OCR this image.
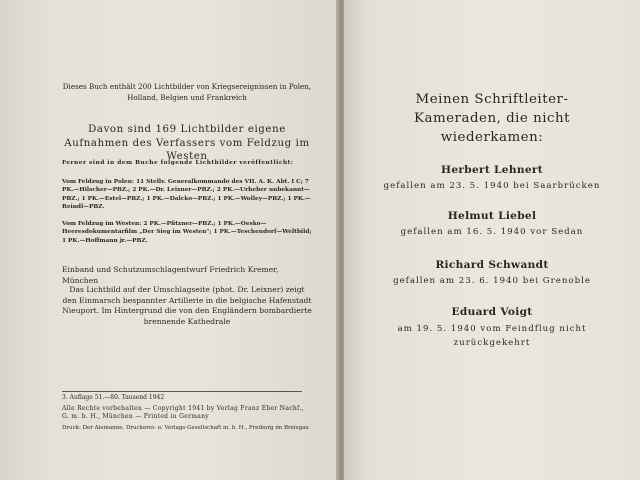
Dieses Buch enthält 200 Lichtbilder von Kriegsereignissen in Polen, Holland, Belgien und Frankreich
Davon sind 169 Lichtbilder eigene Aufnahmen des Verfassers vom Feldzug im Westen
Ferner sind in dem Buche folgende Lichtbilder veröffentlicht:
Vom Feldzug in Polen: 11 Stellv. Generalkommando des VII. A. K. Abt. I C; 7 PK.—Hilscher—PBZ.; 2 PK.—Dr. Leixner—PBZ.; 2 PK.—Urheber unbekannt—PBZ.; 1 PK.—Estel—PBZ.; 1 PK.—Dalcko—PBZ.; 1 PK.—Wolley—PBZ.; 1 PK.—Reindl—PBZ.
Vom Feldzug im Westen: 2 PK.—Pfitzner—PBZ.; 1 PK.—Oesko—Heeresdokumentarfilm „Der Sieg im Westen"; 1 PK.—Teschendorf—Weltbild; 1 PK.—Hoffmann jr.—PBZ.
Einband und Schutzumschlagentwurf Friedrich Kremer, München
Das Lichtbild auf der Umschlagseite (phot. Dr. Leixner) zeigt den Einmarsch bespannter Artillerie in die belgische Hafenstadt Nieuport. Im Hintergrund die von den Engländern bombardierte brennende Kathedrale
3. Auflage 51.—80. Tausend 1942
Alle Rechte vorbehalten — Copyright 1941 by Verlag Franz Eher Nachf., G. m. b. H., München — Printed in Germany
Druck: Der Alemanne, Druckerei- u. Verlags-Gesellschaft m. b. H., Freiburg im Breisgau
Meinen Schriftleiter-Kameraden, die nicht wiederkamen:
Herbert Lehnert
gefallen am 23. 5. 1940 bei Saarbrücken
Helmut Liebel
gefallen am 16. 5. 1940 vor Sedan
Richard Schwandt
gefallen am 23. 6. 1940 bei Grenoble
Eduard Voigt
am 19. 5. 1940 vom Feindflug nicht zurückgekehrt
